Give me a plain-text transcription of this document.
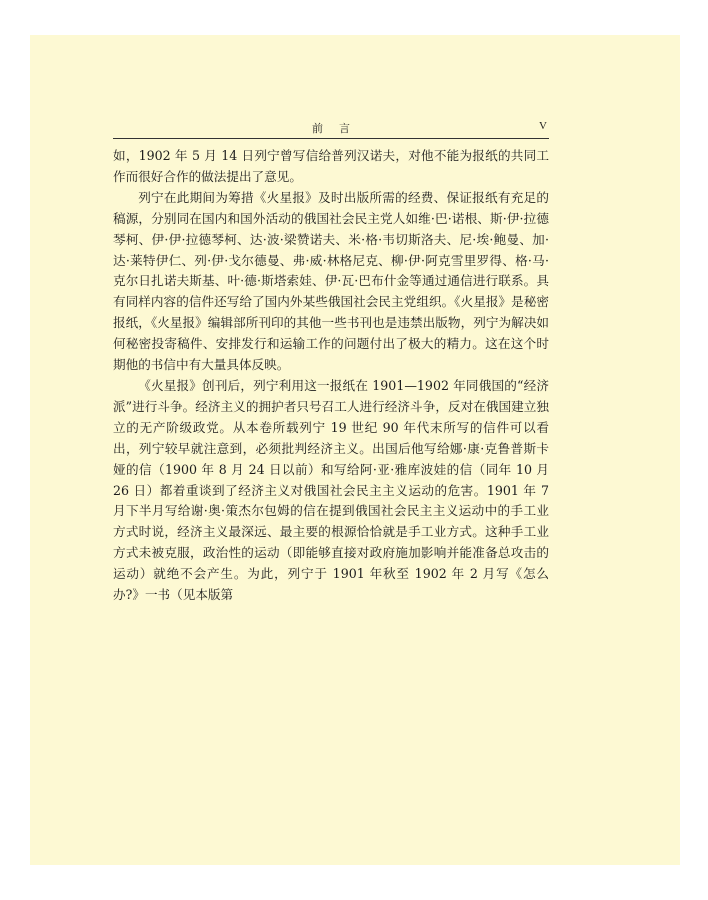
前言	V

如，1902 年 5 月 14 日列宁曾写信给普列汉诺夫，对他不能为报纸的共同工作而很好合作的做法提出了意见。

列宁在此期间为筹措《火星报》及时出版所需的经费、保证报纸有充足的稿源，分别同在国内和国外活动的俄国社会民主党人如维·巴·诺根、斯·伊·拉德琴柯、伊·伊·拉德琴柯、达·波·梁赞诺夫、米·格·韦切斯洛夫、尼·埃·鲍曼、加·达·莱特伊仁、列·伊·戈尔德曼、弗·威·林格尼克、柳·伊·阿克雪里罗得、格·马·克尔日扎诺夫斯基、叶·德·斯塔索娃、伊·瓦·巴布什金等通过通信进行联系。具有同样内容的信件还写给了国内外某些俄国社会民主党组织。《火星报》是秘密报纸，《火星报》编辑部所刊印的其他一些书刊也是违禁出版物，列宁为解决如何秘密投寄稿件、安排发行和运输工作的问题付出了极大的精力。这在这个时期他的书信中有大量具体反映。

《火星报》创刊后，列宁利用这一报纸在 1901—1902 年同俄国的“经济派”进行斗争。经济主义的拥护者只号召工人进行经济斗争，反对在俄国建立独立的无产阶级政党。从本卷所载列宁 19 世纪 90 年代末所写的信件可以看出，列宁较早就注意到，必须批判经济主义。出国后他写给娜·康·克鲁普斯卡娅的信（1900 年 8 月 24 日以前）和写给阿·亚·雅库波娃的信（同年 10 月 26 日）都着重谈到了经济主义对俄国社会民主主义运动的危害。1901 年 7 月下半月写给谢·奥·策杰尔包姆的信在提到俄国社会民主主义运动中的手工业方式时说，经济主义最深远、最主要的根源恰恰就是手工业方式。这种手工业方式未被克服，政治性的运动（即能够直接对政府施加影响并能准备总攻击的运动）就绝不会产生。为此，列宁于 1901 年秋至 1902 年 2 月写《怎么办?》一书（见本版第
